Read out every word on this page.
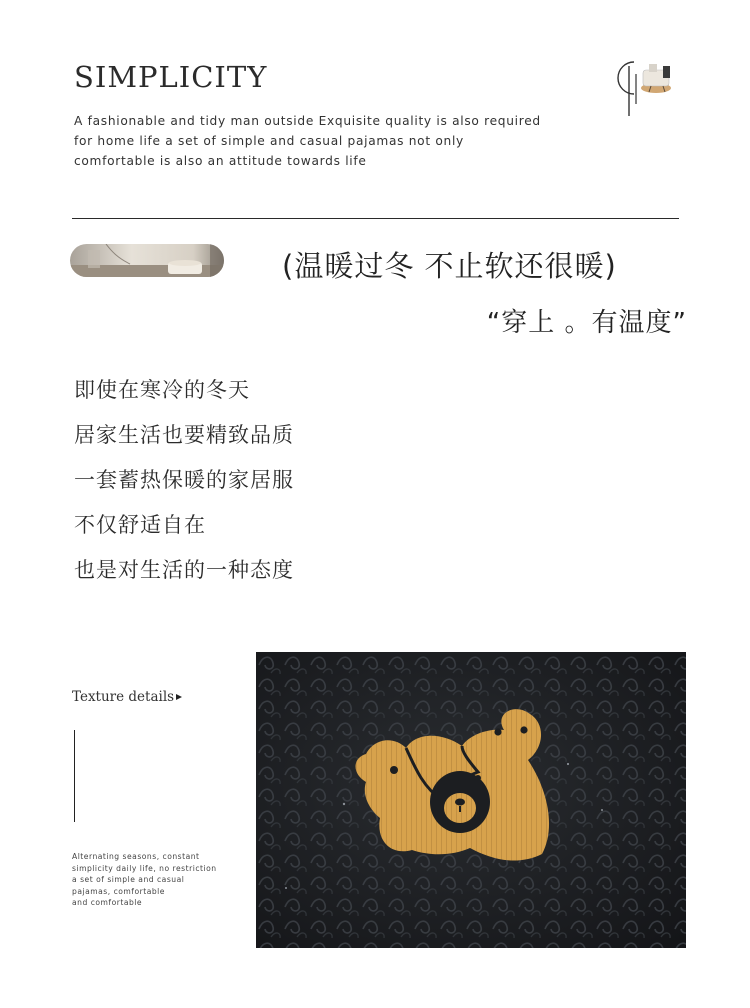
SIMPLICITY
A fashionable and tidy man outside Exquisite quality is also required
for home life a set of simple and casual pajamas not only
comfortable is also an attitude towards life
(温暖过冬 不止软还很暖)
“穿上 。有温度”
即使在寒冷的冬天
居家生活也要精致品质
一套蓄热保暖的家居服
不仅舒适自在
也是对生活的一种态度
Texture details
Alternating seasons, constant
simplicity daily life, no restriction
a set of simple and casual
pajamas, comfortable
and comfortable
